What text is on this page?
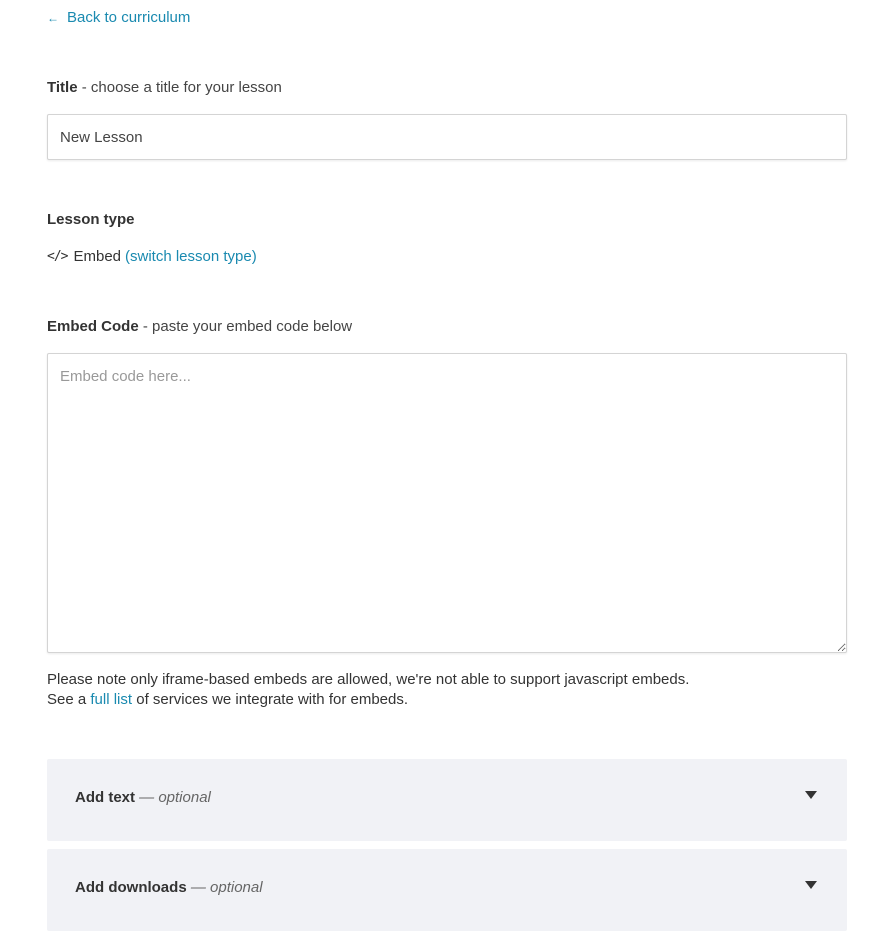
← Back to curriculum
Title - choose a title for your lesson
New Lesson
Lesson type
</> Embed (switch lesson type)
Embed Code - paste your embed code below
Embed code here...
Please note only iframe-based embeds are allowed, we're not able to support javascript embeds.
See a full list of services we integrate with for embeds.
Add text — optional
Add downloads — optional
